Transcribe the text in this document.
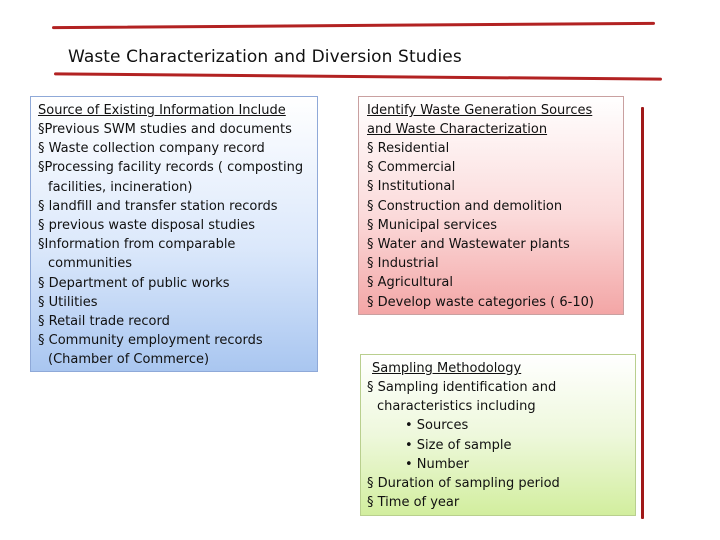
Waste Characterization and Diversion Studies
Source of Existing Information Include
§Previous SWM studies and documents
§ Waste collection company record
§Processing facility records ( composting
facilities, incineration)
§ landfill and transfer station records
§ previous waste disposal studies
§Information from comparable
communities
§ Department of public works
§ Utilities
§ Retail trade record
§ Community employment records
(Chamber of Commerce)
Identify Waste Generation Sources
and Waste Characterization
§ Residential
§ Commercial
§ Institutional
§ Construction and demolition
§ Municipal services
§ Water and Wastewater plants
§ Industrial
§ Agricultural
§ Develop waste categories ( 6-10)
Sampling Methodology
§ Sampling identification and
characteristics including
• Sources
• Size of sample
• Number
§ Duration of sampling period
§ Time of year
